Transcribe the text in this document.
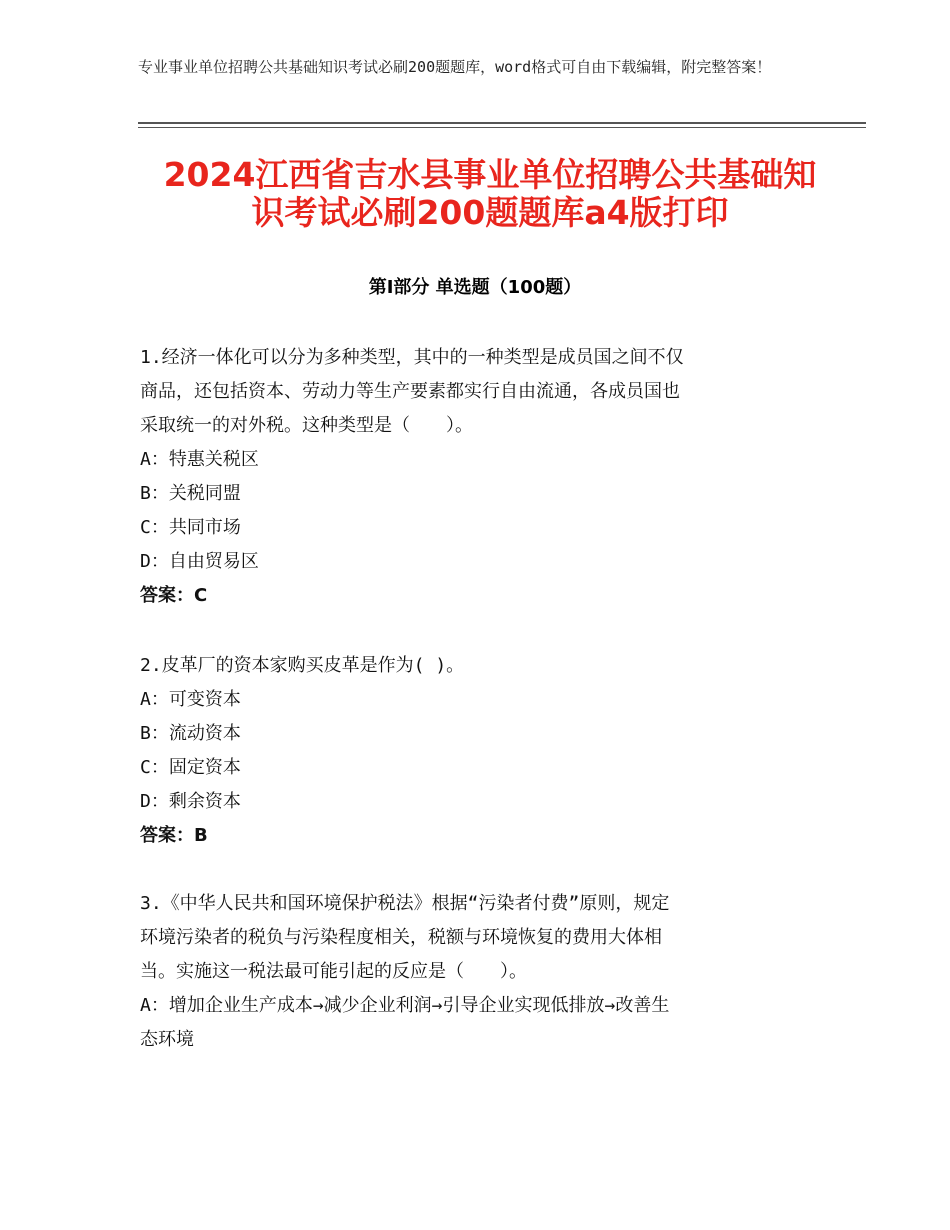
专业事业单位招聘公共基础知识考试必刷200题题库，word格式可自由下载编辑，附完整答案！
2024江西省吉水县事业单位招聘公共基础知
识考试必刷200题题库a4版打印
第Ⅰ部分 单选题（100题）
1.经济一体化可以分为多种类型，其中的一种类型是成员国之间不仅
商品，还包括资本、劳动力等生产要素都实行自由流通，各成员国也
采取统一的对外税。这种类型是（　　）。

A：特惠关税区

B：关税同盟

C：共同市场

D：自由贸易区

答案：C

2.皮革厂的资本家购买皮革是作为( )。

A：可变资本

B：流动资本

C：固定资本

D：剩余资本

答案：B

3.《中华人民共和国环境保护税法》根据“污染者付费”原则，规定
环境污染者的税负与污染程度相关，税额与环境恢复的费用大体相
当。实施这一税法最可能引起的反应是（　　）。

A：增加企业生产成本→减少企业利润→引导企业实现低排放→改善生

态环境
